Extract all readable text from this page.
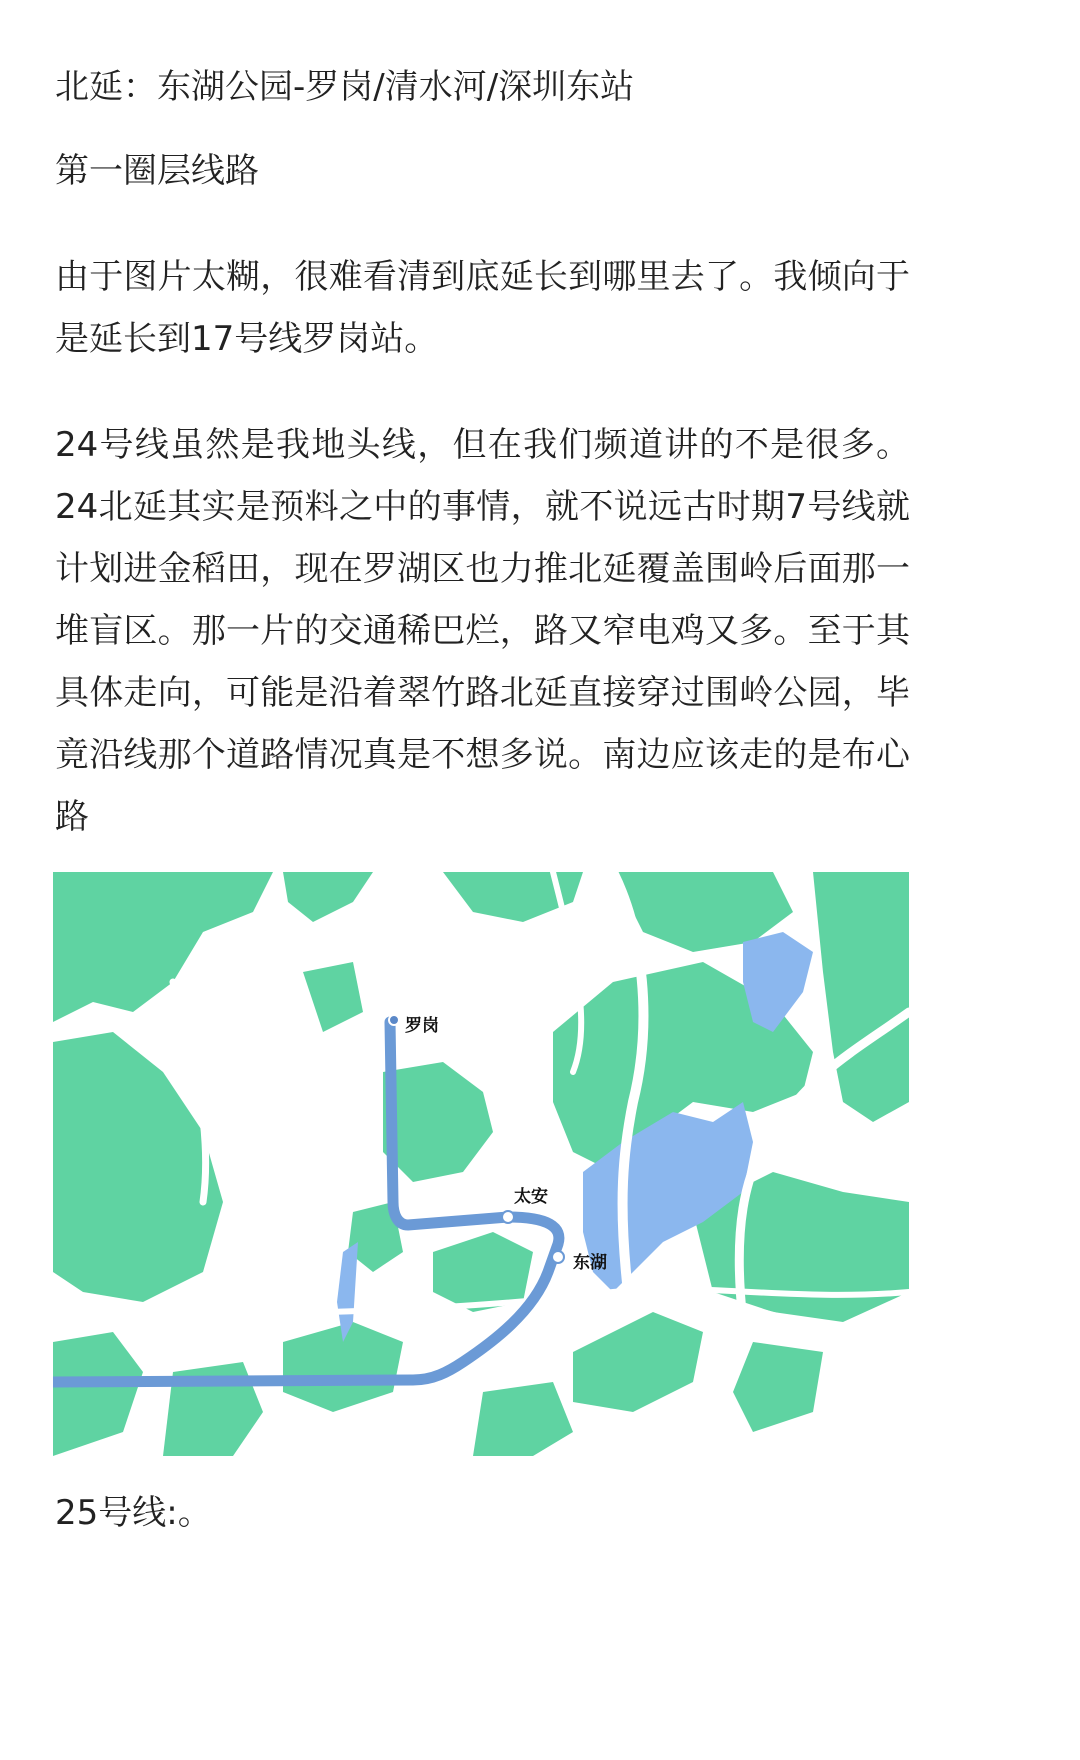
北延：东湖公园-罗岗/清水河/深圳东站
第一圈层线路
由于图片太糊，很难看清到底延长到哪里去了。我倾向于是延长到17号线罗岗站。
24号线虽然是我地头线，但在我们频道讲的不是很多。24北延其实是预料之中的事情，就不说远古时期7号线就计划进金稻田，现在罗湖区也力推北延覆盖围岭后面那一堆盲区。那一片的交通稀巴烂，路又窄电鸡又多。至于其具体走向，可能是沿着翠竹路北延直接穿过围岭公园，毕竟沿线那个道路情况真是不想多说。南边应该走的是布心路
罗岗
太安
东湖
25号线:。
